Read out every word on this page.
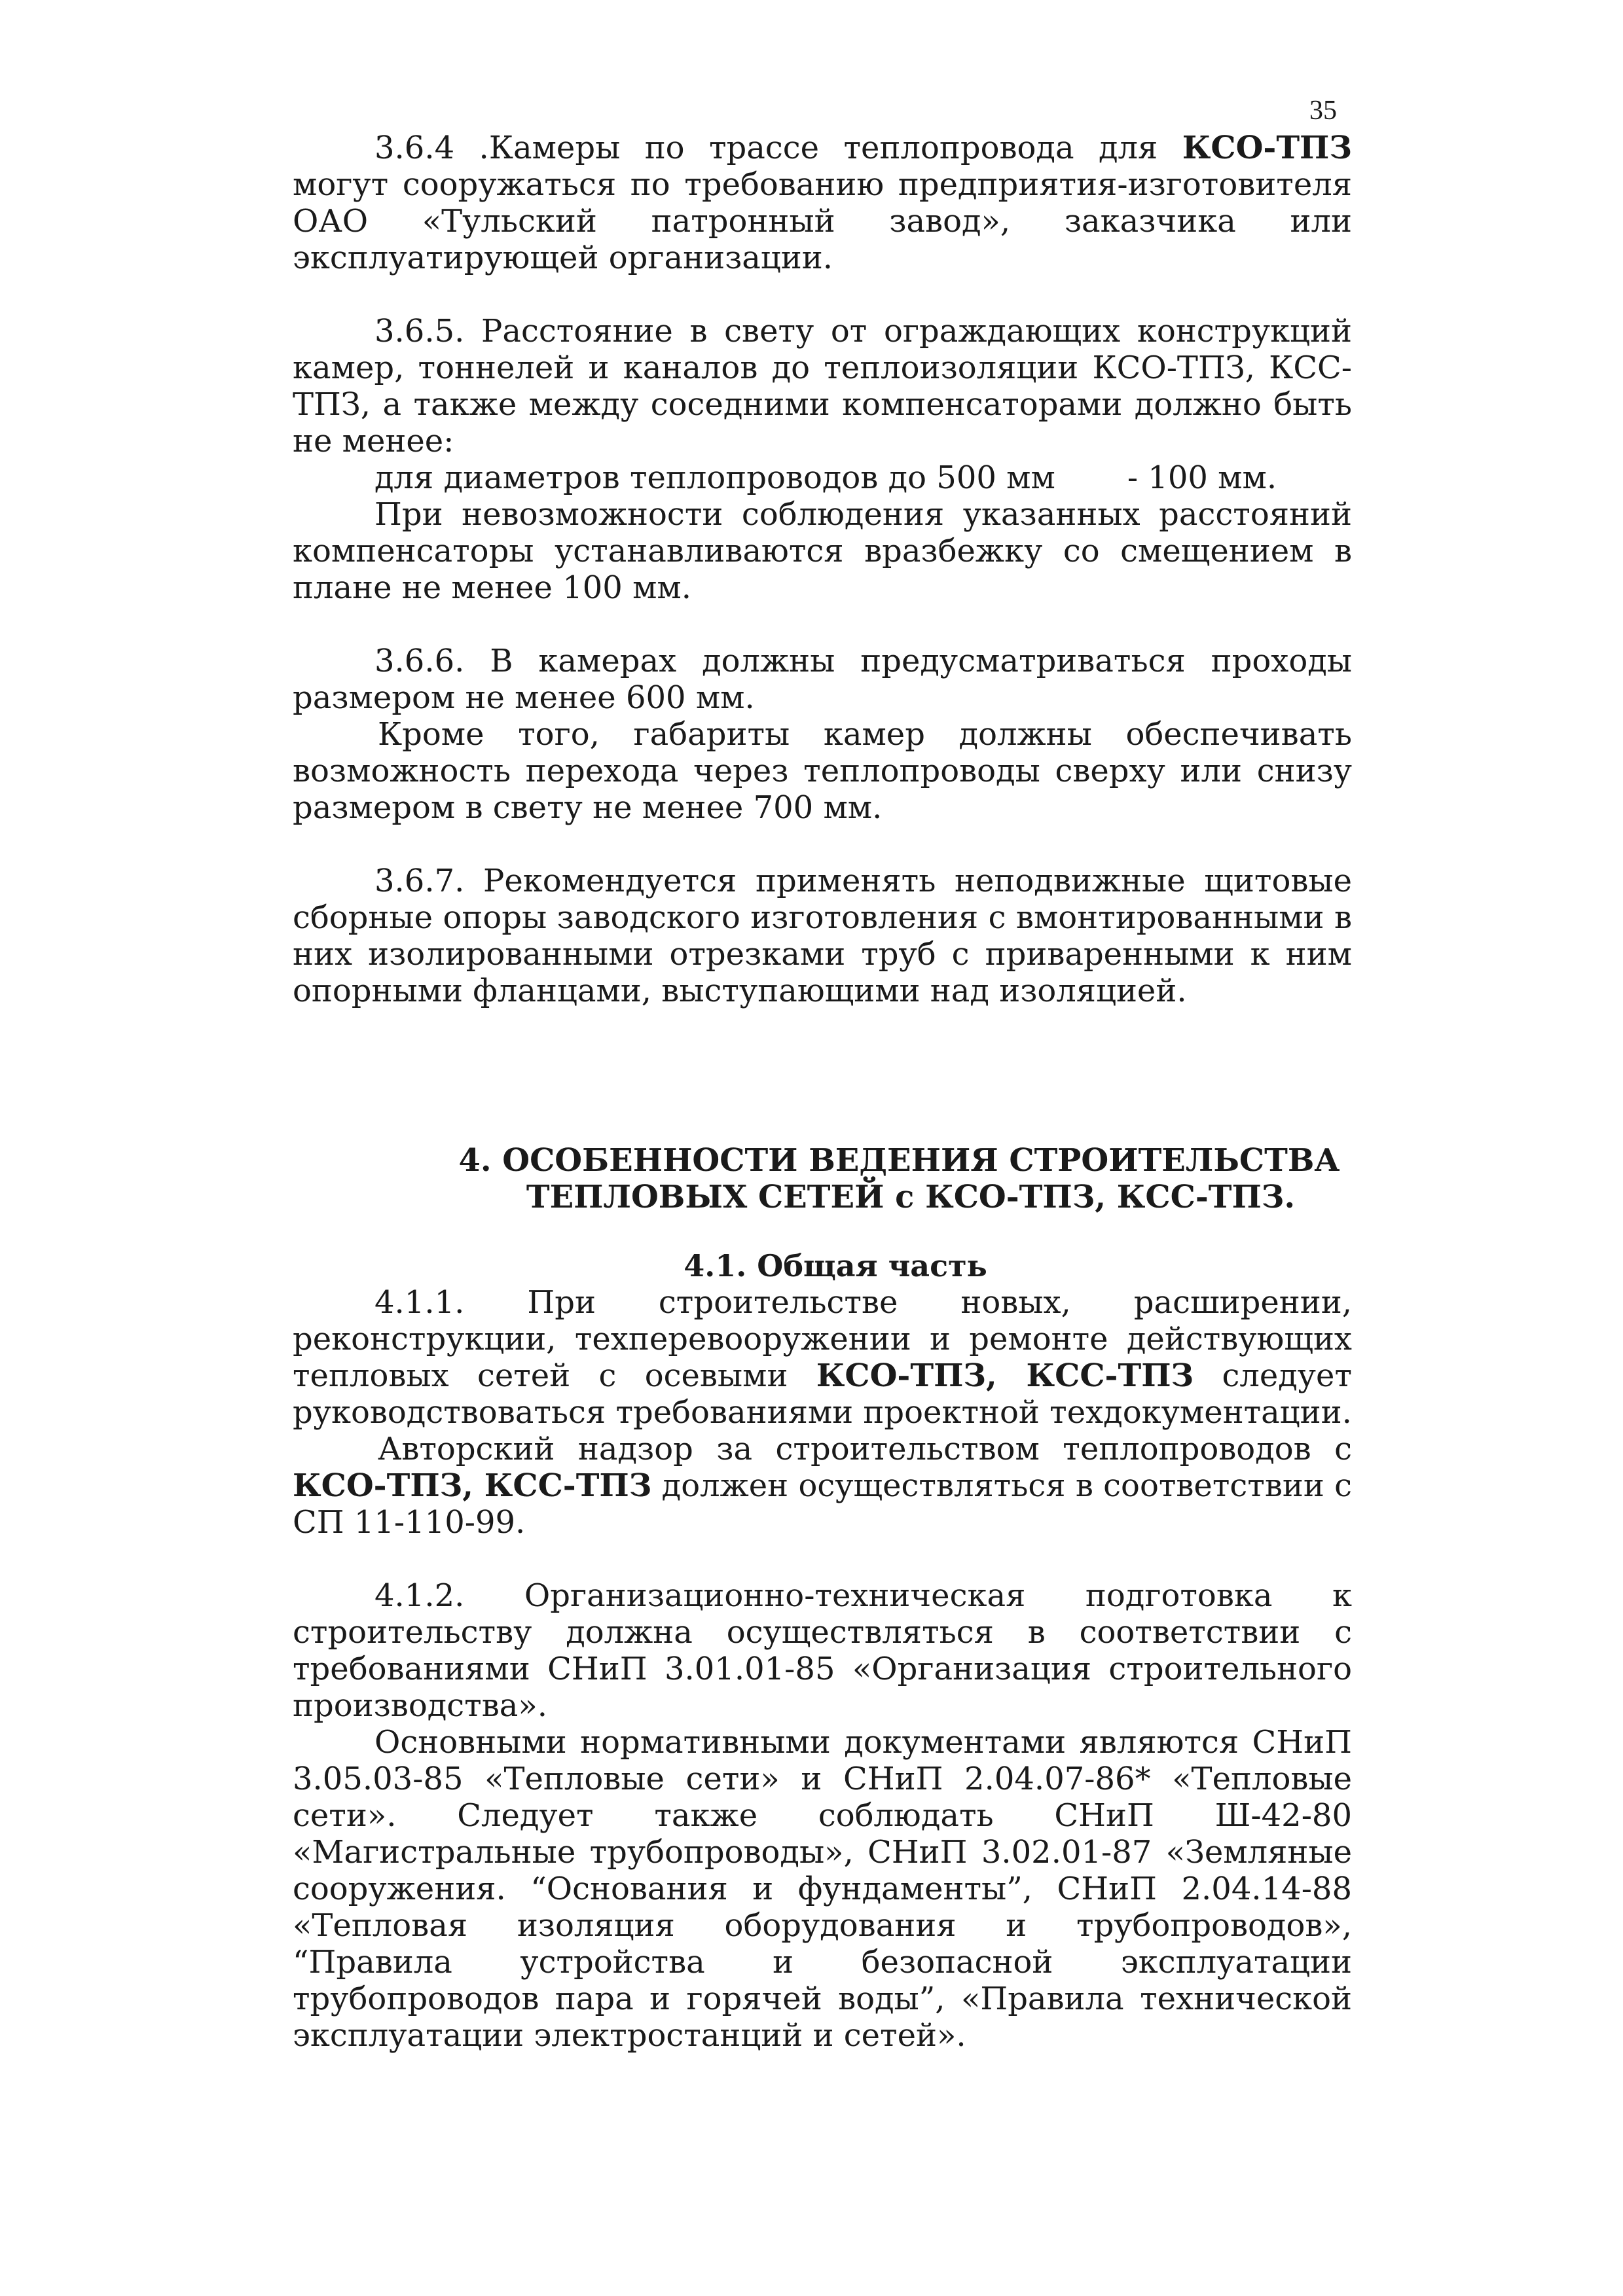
35

3.6.4 .Камеры по трассе теплопровода для КСО-ТПЗ могут сооружаться по требованию предприятия-изготовителя ОАО «Тульский патронный завод», заказчика или эксплуатирующей организации.

3.6.5. Расстояние в свету от ограждающих конструкций камер, тоннелей и каналов до теплоизоляции КСО-ТПЗ, КСС-ТПЗ, а также между соседними компенсаторами должно быть не менее:

для диаметров теплопроводов до 500 мм - 100 мм.

При невозможности соблюдения указанных расстояний компенсаторы устанавливаются вразбежку со смещением в плане не менее 100 мм.

3.6.6. В камерах должны предусматриваться проходы размером не менее 600 мм.

Кроме того, габариты камер должны обеспечивать возможность перехода через теплопроводы сверху или снизу размером в свету не менее 700 мм.

3.6.7. Рекомендуется применять неподвижные щитовые сборные опоры заводского изготовления с вмонтированными в них изолированными отрезками труб с приваренными к ним опорными фланцами, выступающими над изоляцией.

4. ОСОБЕННОСТИ ВЕДЕНИЯ СТРОИТЕЛЬСТВА
ТЕПЛОВЫХ СЕТЕЙ с КСО-ТПЗ, КСС-ТПЗ.
4.1. Общая часть

4.1.1. При строительстве новых, расширении, реконструкции, техперевооружении и ремонте действующих тепловых сетей с осевыми КСО-ТПЗ, КСС-ТПЗ следует руководствоваться требованиями проектной техдокументации.

Авторский надзор за строительством теплопроводов с КСО-ТПЗ, КСС-ТПЗ должен осуществляться в соответствии с СП 11-110-99.

4.1.2. Организационно-техническая подготовка к строительству должна осуществляться в соответствии с требованиями СНиП 3.01.01-85 «Организация строительного производства».

Основными нормативными документами являются СНиП 3.05.03-85 «Тепловые сети» и СНиП 2.04.07-86* «Тепловые сети». Следует также соблюдать СНиП Ш-42-80 «Магистральные трубопроводы», СНиП 3.02.01-87 «Земляные сооружения. “Основания и фундаменты”, СНиП 2.04.14-88 «Тепловая изоляция оборудования и трубопроводов», “Правила устройства и безопасной эксплуатации трубопроводов пара и горячей воды”, «Правила технической эксплуатации электростанций и сетей».
